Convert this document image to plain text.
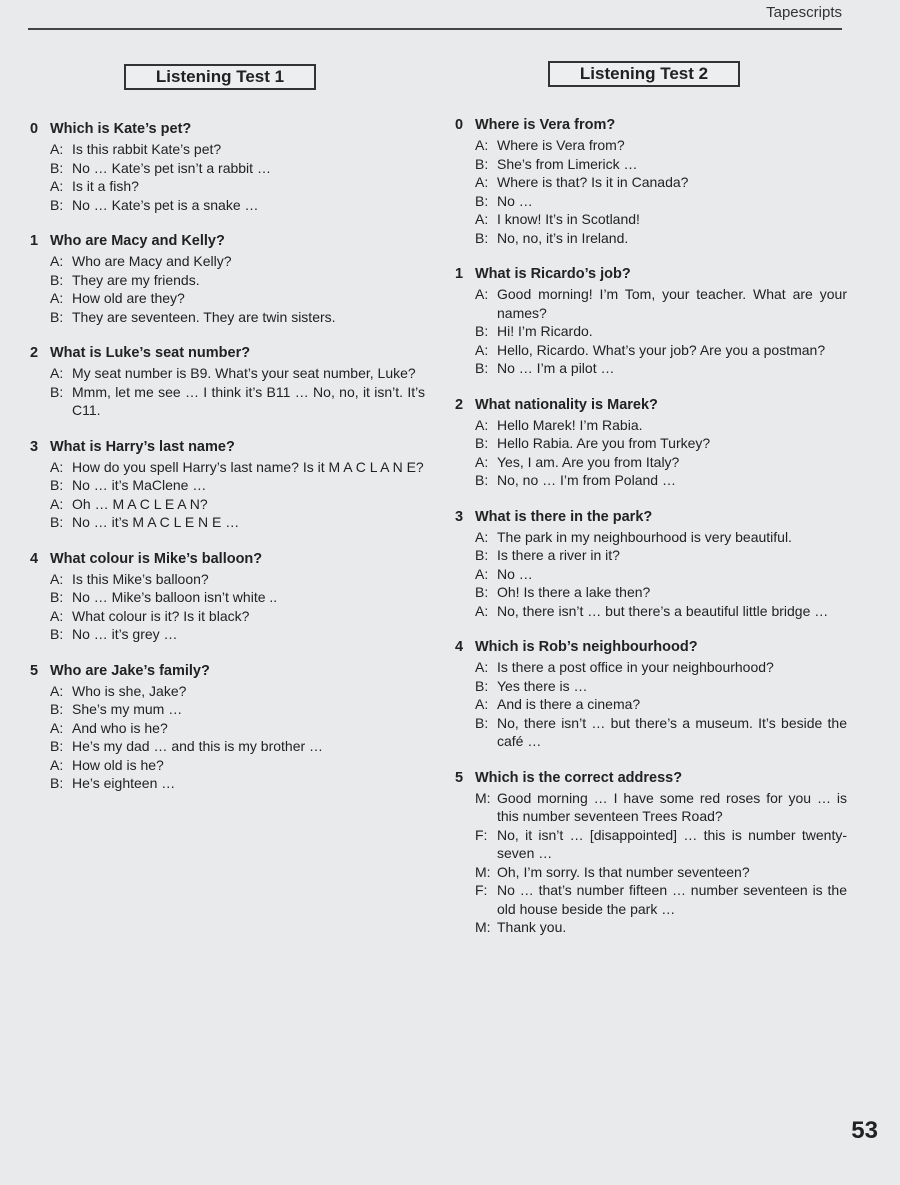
Tapescripts
Listening Test 1	Listening Test 2
0 Which is Kate’s pet?
A: Is this rabbit Kate’s pet?
B: No … Kate’s pet isn’t a rabbit …
A: Is it a fish?
B: No … Kate’s pet is a snake …
1 Who are Macy and Kelly?
A: Who are Macy and Kelly?
B: They are my friends.
A: How old are they?
B: They are seventeen. They are twin sisters.
2 What is Luke’s seat number?
A: My seat number is B9. What’s your seat number, Luke?
B: Mmm, let me see … I think it’s B11 … No, no, it isn’t. It’s C11.
3 What is Harry’s last name?
A: How do you spell Harry’s last name? Is it M A C L A N E?
B: No … it’s MaClene …
A: Oh … M A C L E A N?
B: No … it’s M A C L E N E …
4 What colour is Mike’s balloon?
A: Is this Mike’s balloon?
B: No … Mike’s balloon isn’t white ..
A: What colour is it? Is it black?
B: No … it’s grey …
5 Who are Jake’s family?
A: Who is she, Jake?
B: She’s my mum …
A: And who is he?
B: He’s my dad … and this is my brother …
A: How old is he?
B: He’s eighteen …
0 Where is Vera from?
A: Where is Vera from?
B: She’s from Limerick …
A: Where is that? Is it in Canada?
B: No …
A: I know! It’s in Scotland!
B: No, no, it’s in Ireland.
1 What is Ricardo’s job?
A: Good morning! I’m Tom, your teacher. What are your names?
B: Hi! I’m Ricardo.
A: Hello, Ricardo. What’s your job? Are you a postman?
B: No … I’m a pilot …
2 What nationality is Marek?
A: Hello Marek! I’m Rabia.
B: Hello Rabia. Are you from Turkey?
A: Yes, I am. Are you from Italy?
B: No, no … I’m from Poland …
3 What is there in the park?
A: The park in my neighbourhood is very beautiful.
B: Is there a river in it?
A: No …
B: Oh! Is there a lake then?
A: No, there isn’t … but there’s a beautiful little bridge …
4 Which is Rob’s neighbourhood?
A: Is there a post office in your neighbourhood?
B: Yes there is …
A: And is there a cinema?
B: No, there isn’t … but there’s a museum. It’s beside the café …
5 Which is the correct address?
M: Good morning … I have some red roses for you … is this number seventeen Trees Road?
F: No, it isn’t … [disappointed] … this is number twenty-seven …
M: Oh, I’m sorry. Is that number seventeen?
F: No … that’s number fifteen … number seventeen is the old house beside the park …
M: Thank you.
53
